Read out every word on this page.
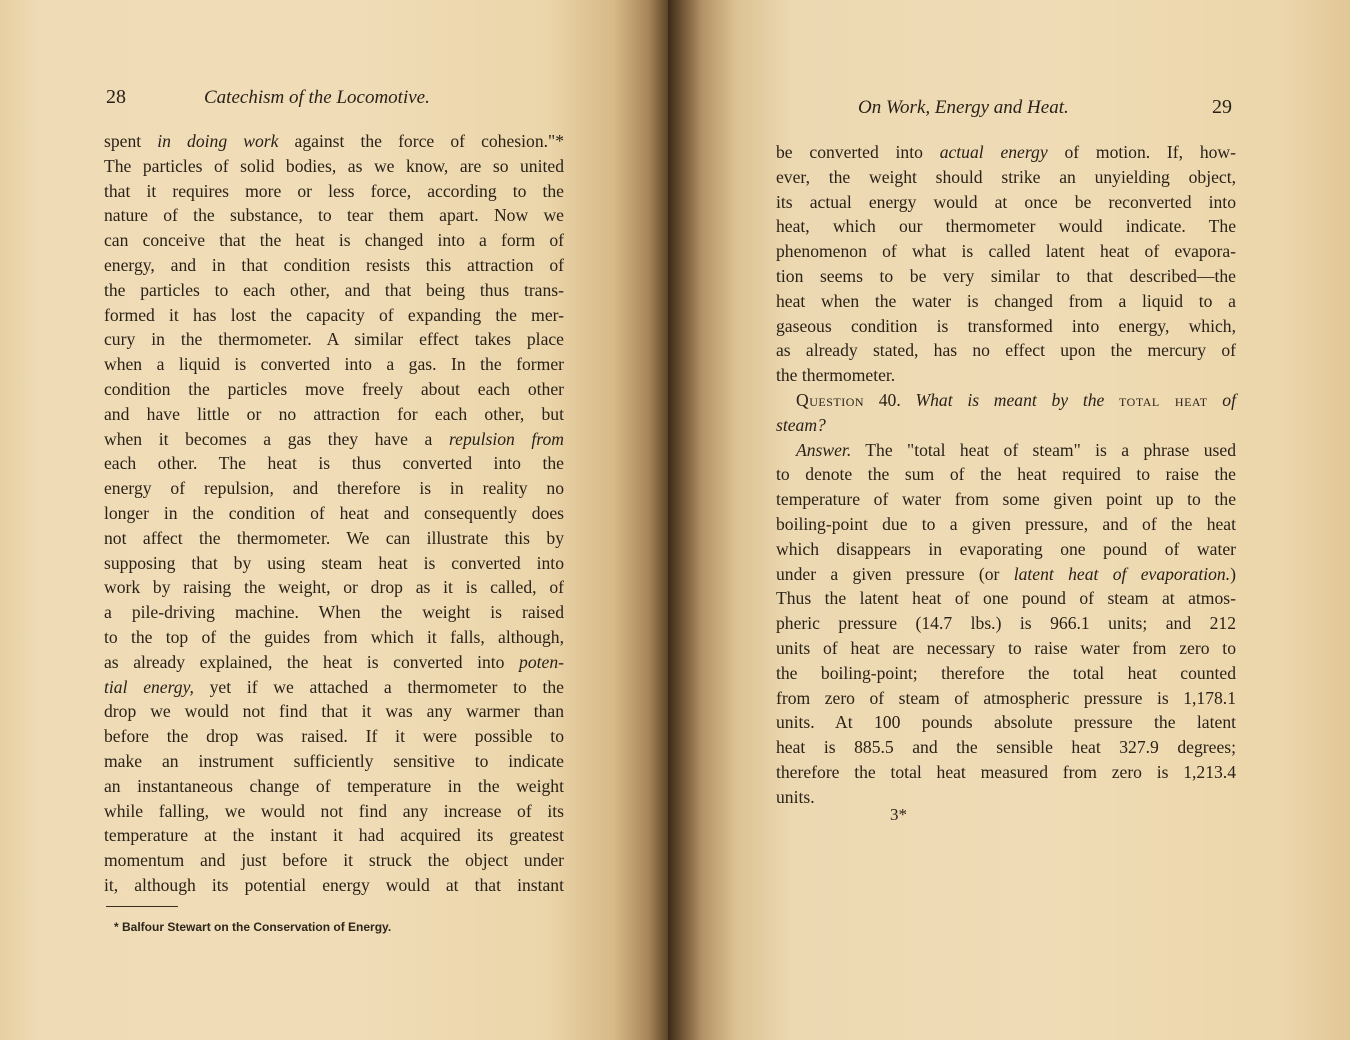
28	Catechism of the Locomotive.
spent in doing work against the force of cohesion."*
The particles of solid bodies, as we know, are so united
that it requires more or less force, according to the
nature of the substance, to tear them apart. Now we
can conceive that the heat is changed into a form of
energy, and in that condition resists this attraction of
the particles to each other, and that being thus trans-
formed it has lost the capacity of expanding the mer-
cury in the thermometer. A similar effect takes place
when a liquid is converted into a gas. In the former
condition the particles move freely about each other
and have little or no attraction for each other, but
when it becomes a gas they have a repulsion from
each other. The heat is thus converted into the
energy of repulsion, and therefore is in reality no
longer in the condition of heat and consequently does
not affect the thermometer. We can illustrate this by
supposing that by using steam heat is converted into
work by raising the weight, or drop as it is called, of
a pile-driving machine. When the weight is raised
to the top of the guides from which it falls, although,
as already explained, the heat is converted into poten-
tial energy, yet if we attached a thermometer to the
drop we would not find that it was any warmer than
before the drop was raised. If it were possible to
make an instrument sufficiently sensitive to indicate
an instantaneous change of temperature in the weight
while falling, we would not find any increase of its
temperature at the instant it had acquired its greatest
momentum and just before it struck the object under
it, although its potential energy would at that instant
* Balfour Stewart on the Conservation of Energy.
On Work, Energy and Heat.	29
be converted into actual energy of motion. If, how-
ever, the weight should strike an unyielding object,
its actual energy would at once be reconverted into
heat, which our thermometer would indicate. The
phenomenon of what is called latent heat of evapora-
tion seems to be very similar to that described—the
heat when the water is changed from a liquid to a
gaseous condition is transformed into energy, which,
as already stated, has no effect upon the mercury of
the thermometer.
Question 40. What is meant by the total heat of
steam?
Answer. The "total heat of steam" is a phrase used
to denote the sum of the heat required to raise the
temperature of water from some given point up to the
boiling-point due to a given pressure, and of the heat
which disappears in evaporating one pound of water
under a given pressure (or latent heat of evaporation.)
Thus the latent heat of one pound of steam at atmos-
pheric pressure (14.7 lbs.) is 966.1 units; and 212
units of heat are necessary to raise water from zero to
the boiling-point; therefore the total heat counted
from zero of steam of atmospheric pressure is 1,178.1
units. At 100 pounds absolute pressure the latent
heat is 885.5 and the sensible heat 327.9 degrees;
therefore the total heat measured from zero is 1,213.4
units.
3*
